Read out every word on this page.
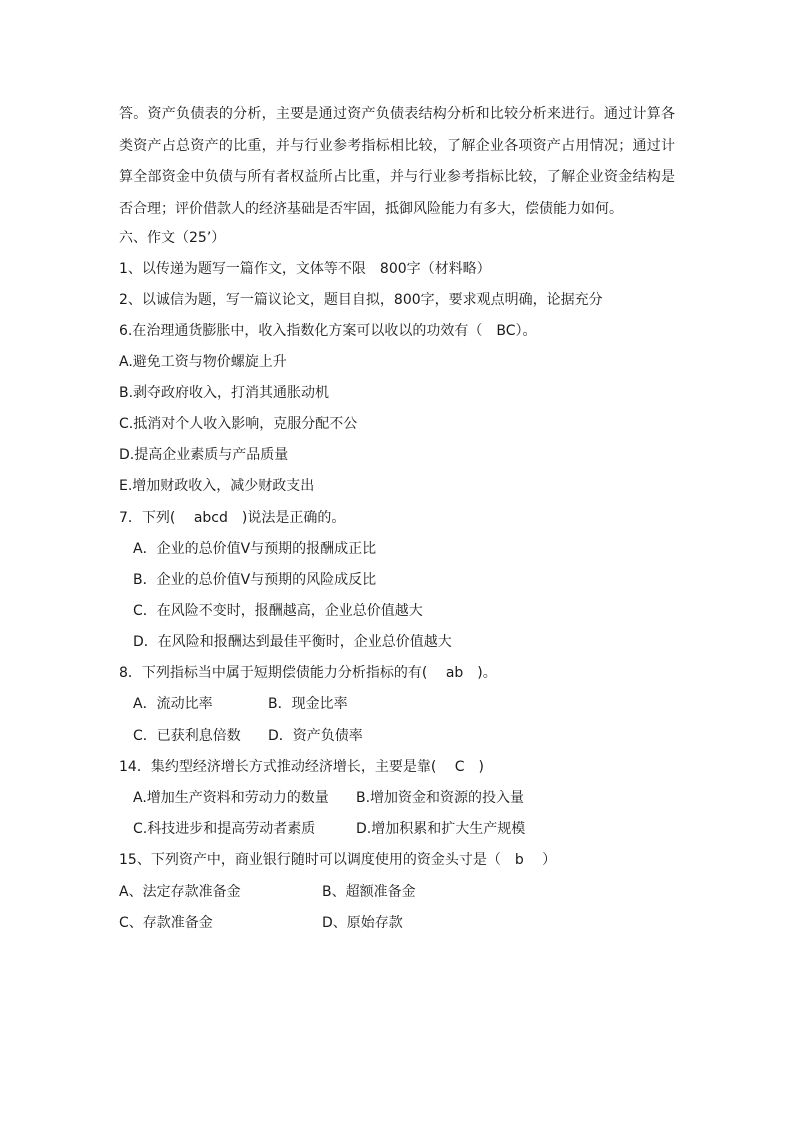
答。资产负债表的分析，主要是通过资产负债表结构分析和比较分析来进行。通过计算各类资产占总资产的比重，并与行业参考指标相比较，了解企业各项资产占用情况；通过计算全部资金中负债与所有者权益所占比重，并与行业参考指标比较，了解企业资金结构是否合理；评价借款人的经济基础是否牢固，抵御风险能力有多大，偿债能力如何。

六、作文（25’）
1、以传递为题写一篇作文，文体等不限　800字（材料略）
2、以诚信为题，写一篇议论文，题目自拟，800字，要求观点明确，论据充分
6.在治理通货膨胀中，收入指数化方案可以收以的功效有（　BC）。
A.避免工资与物价螺旋上升
B.剥夺政府收入，打消其通胀动机
C.抵消对个人收入影响，克服分配不公
D.提高企业素质与产品质量
E.增加财政收入，减少财政支出
7．下列(　 abcd　)说法是正确的。
A．企业的总价值V与预期的报酬成正比
B．企业的总价值V与预期的风险成反比
C．在风险不变时，报酬越高，企业总价值越大
D．在风险和报酬达到最佳平衡时，企业总价值越大
8．下列指标当中属于短期偿债能力分析指标的有(　 ab　)。
A．流动比率	B．现金比率
C．已获利息倍数 D．资产负债率
14．集约型经济增长方式推动经济增长，主要是靠(　 C　)
A.增加生产资料和劳动力的数量 B.增加资金和资源的投入量
C.科技进步和提高劳动者素质	D.增加积累和扩大生产规模
15、下列资产中，商业银行随时可以调度使用的资金头寸是（　b　 ）
A、法定存款准备金	B、超额准备金
C、存款准备金	D、原始存款
